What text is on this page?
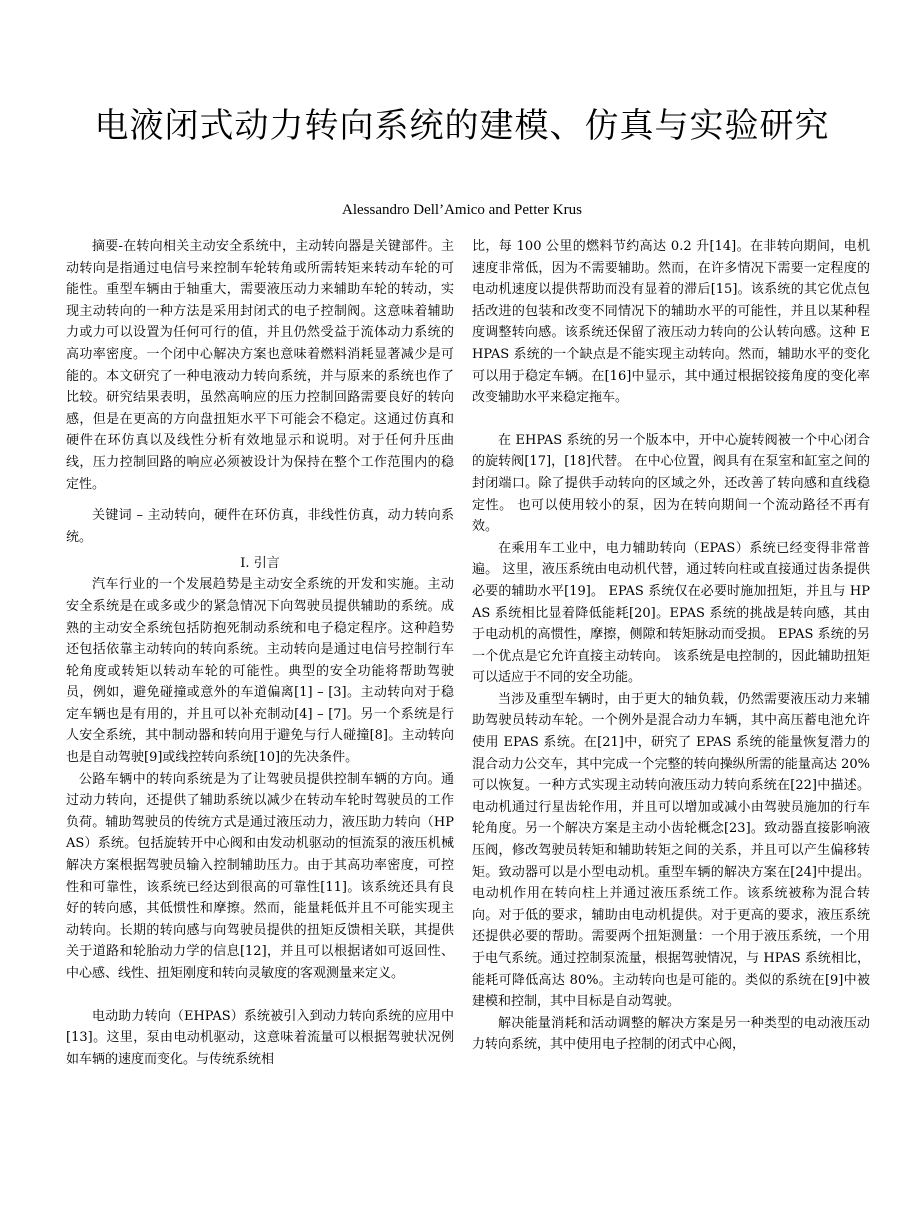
电液闭式动力转向系统的建模、仿真与实验研究
Alessandro Dell’Amico and Petter Krus

摘要-在转向相关主动安全系统中，主动转向器是关键部件。主动转向是指通过电信号来控制车轮转角或所需转矩来转动车轮的可能性。重型车辆由于轴重大，需要液压动力来辅助车轮的转动，实现主动转向的一种方法是采用封闭式的电子控制阀。这意味着辅助力或力可以设置为任何可行的值，并且仍然受益于流体动力系统的高功率密度。一个闭中心解决方案也意味着燃料消耗显著减少是可能的。本文研究了一种电液动力转向系统，并与原来的系统也作了比较。研究结果表明，虽然高响应的压力控制回路需要良好的转向感，但是在更高的方向盘扭矩水平下可能会不稳定。这通过仿真和硬件在环仿真以及线性分析有效地显示和说明。对于任何升压曲线，压力控制回路的响应必须被设计为保持在整个工作范围内的稳定性。

关键词 – 主动转向，硬件在环仿真，非线性仿真，动力转向系统。

I. 引言

汽车行业的一个发展趋势是主动安全系统的开发和实施。主动安全系统是在或多或少的紧急情况下向驾驶员提供辅助的系统。成熟的主动安全系统包括防抱死制动系统和电子稳定程序。这种趋势还包括依靠主动转向的转向系统。主动转向是通过电信号控制行车轮角度或转矩以转动车轮的可能性。典型的安全功能将帮助驾驶员，例如，避免碰撞或意外的车道偏离[1] – [3]。主动转向对于稳定车辆也是有用的，并且可以补充制动[4] – [7]。另一个系统是行人安全系统，其中制动器和转向用于避免与行人碰撞[8]。主动转向也是自动驾驶[9]或线控转向系统[10]的先决条件。

公路车辆中的转向系统是为了让驾驶员提供控制车辆的方向。通过动力转向，还提供了辅助系统以减少在转动车轮时驾驶员的工作负荷。辅助驾驶员的传统方式是通过液压动力，液压助力转向（HPAS）系统。包括旋转开中心阀和由发动机驱动的恒流泵的液压机械解决方案根据驾驶员输入控制辅助压力。由于其高功率密度，可控性和可靠性，该系统已经达到很高的可靠性[11]。该系统还具有良好的转向感，其低惯性和摩擦。然而，能量耗低并且不可能实现主动转向。长期的转向感与向驾驶员提供的扭矩反馈相关联，其提供关于道路和轮胎动力学的信息[12]，并且可以根据诸如可返回性、中心感、线性、扭矩刚度和转向灵敏度的客观测量来定义。

电动助力转向（EHPAS）系统被引入到动力转向系统的应用中[13]。这里，泵由电动机驱动，这意味着流量可以根据驾驶状况例如车辆的速度而变化。与传统系统相

比，每 100 公里的燃料节约高达 0.2 升[14]。在非转向期间，电机速度非常低，因为不需要辅助。然而，在许多情况下需要一定程度的电动机速度以提供帮助而没有显着的滞后[15]。该系统的其它优点包括改进的包装和改变不同情况下的辅助水平的可能性，并且以某种程度调整转向感。该系统还保留了液压动力转向的公认转向感。这种 EHPAS 系统的一个缺点是不能实现主动转向。然而，辅助水平的变化可以用于稳定车辆。在[16]中显示，其中通过根据铰接角度的变化率改变辅助水平来稳定拖车。

在 EHPAS 系统的另一个版本中，开中心旋转阀被一个中心闭合的旋转阀[17]，[18]代替。 在中心位置，阀具有在泵室和缸室之间的封闭端口。除了提供手动转向的区域之外，还改善了转向感和直线稳定性。 也可以使用较小的泵，因为在转向期间一个流动路径不再有效。

在乘用车工业中，电力辅助转向（EPAS）系统已经变得非常普遍。 这里，液压系统由电动机代替，通过转向柱或直接通过齿条提供必要的辅助水平[19]。 EPAS 系统仅在必要时施加扭矩，并且与 HPAS 系统相比显着降低能耗[20]。EPAS 系统的挑战是转向感，其由于电动机的高惯性，摩擦，侧隙和转矩脉动而受损。 EPAS 系统的另一个优点是它允许直接主动转向。 该系统是电控制的，因此辅助扭矩可以适应于不同的安全功能。

当涉及重型车辆时，由于更大的轴负载，仍然需要液压动力来辅助驾驶员转动车轮。一个例外是混合动力车辆，其中高压蓄电池允许使用 EPAS 系统。在[21]中，研究了 EPAS 系统的能量恢复潜力的混合动力公交车，其中完成一个完整的转向操纵所需的能量高达 20%可以恢复。一种方式实现主动转向液压动力转向系统在[22]中描述。电动机通过行星齿轮作用，并且可以增加或减小由驾驶员施加的行车轮角度。另一个解决方案是主动小齿轮概念[23]。致动器直接影响液压阀，修改驾驶员转矩和辅助转矩之间的关系，并且可以产生偏移转矩。致动器可以是小型电动机。重型车辆的解决方案在[24]中提出。电动机作用在转向柱上并通过液压系统工作。该系统被称为混合转向。对于低的要求，辅助由电动机提供。对于更高的要求，液压系统还提供必要的帮助。需要两个扭矩测量：一个用于液压系统，一个用于电气系统。通过控制泵流量，根据驾驶情况，与 HPAS 系统相比，能耗可降低高达 80%。主动转向也是可能的。类似的系统在[9]中被建模和控制，其中目标是自动驾驶。

解决能量消耗和活动调整的解决方案是另一种类型的电动液压动力转向系统，其中使用电子控制的闭式中心阀，
